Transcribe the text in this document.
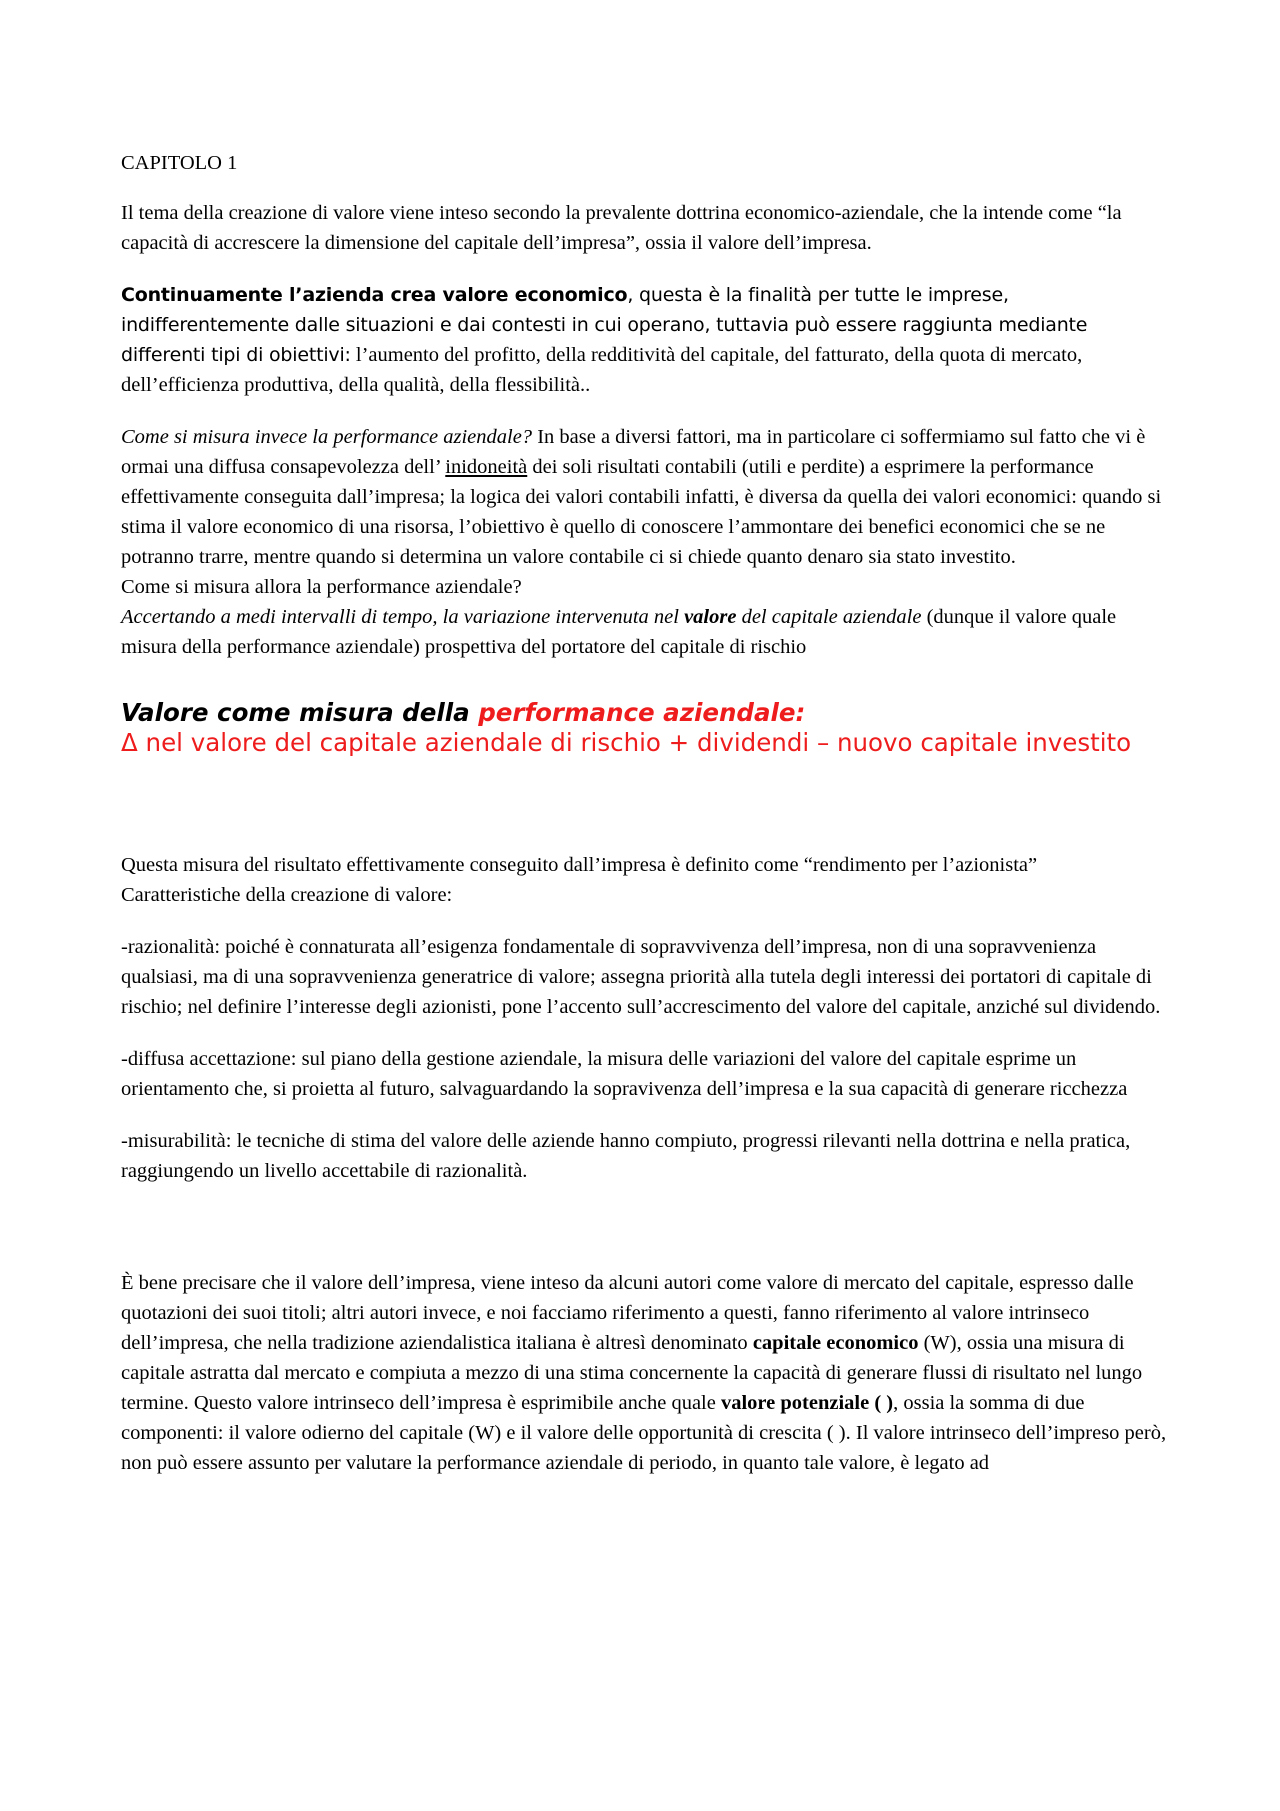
CAPITOLO 1

Il tema della creazione di valore viene inteso secondo la prevalente dottrina economico-aziendale, che la intende come “la capacità di accrescere la dimensione del capitale dell’impresa”, ossia il valore dell’impresa.

Continuamente l’azienda crea valore economico, questa è la finalità per tutte le imprese, indifferentemente dalle situazioni e dai contesti in cui operano, tuttavia può essere raggiunta mediante differenti tipi di obiettivi: l’aumento del profitto, della redditività del capitale, del fatturato, della quota di mercato, dell’efficienza produttiva, della qualità, della flessibilità..

Come si misura invece la performance aziendale? In base a diversi fattori, ma in particolare ci soffermiamo sul fatto che vi è ormai una diffusa consapevolezza dell’ inidoneità dei soli risultati contabili (utili e perdite) a esprimere la performance effettivamente conseguita dall’impresa; la logica dei valori contabili infatti, è diversa da quella dei valori economici: quando si stima il valore economico di una risorsa, l’obiettivo è quello di conoscere l’ammontare dei benefici economici che se ne potranno trarre, mentre quando si determina un valore contabile ci si chiede quanto denaro sia stato investito.

Come si misura allora la performance aziendale?

Accertando a medi intervalli di tempo, la variazione intervenuta nel valore del capitale aziendale (dunque il valore quale misura della performance aziendale) prospettiva del portatore del capitale di rischio

Valore come misura della performance aziendale:
Δ nel valore del capitale aziendale di rischio + dividendi – nuovo capitale investito

Questa misura del risultato effettivamente conseguito dall’impresa è definito come “rendimento per l’azionista”

Caratteristiche della creazione di valore:

-razionalità: poiché è connaturata all’esigenza fondamentale di sopravvivenza dell’impresa, non di una sopravvenienza qualsiasi, ma di una sopravvenienza generatrice di valore; assegna priorità alla tutela degli interessi dei portatori di capitale di rischio; nel definire l’interesse degli azionisti, pone l’accento sull’accrescimento del valore del capitale, anziché sul dividendo.

-diffusa accettazione: sul piano della gestione aziendale, la misura delle variazioni del valore del capitale esprime un orientamento che, si proietta al futuro, salvaguardando la sopravivenza dell’impresa e la sua capacità di generare ricchezza

-misurabilità: le tecniche di stima del valore delle aziende hanno compiuto, progressi rilevanti nella dottrina e nella pratica, raggiungendo un livello accettabile di razionalità.

È bene precisare che il valore dell’impresa, viene inteso da alcuni autori come valore di mercato del capitale, espresso dalle quotazioni dei suoi titoli; altri autori invece, e noi facciamo riferimento a questi, fanno riferimento al valore intrinseco dell’impresa, che nella tradizione aziendalistica italiana è altresì denominato capitale economico (W), ossia una misura di capitale astratta dal mercato e compiuta a mezzo di una stima concernente la capacità di generare flussi di risultato nel lungo termine. Questo valore intrinseco dell’impresa è esprimibile anche quale valore potenziale ( ), ossia la somma di due componenti: il valore odierno del capitale (W) e il valore delle opportunità di crescita ( ). Il valore intrinseco dell’impreso però, non può essere assunto per valutare la performance aziendale di periodo, in quanto tale valore, è legato ad
